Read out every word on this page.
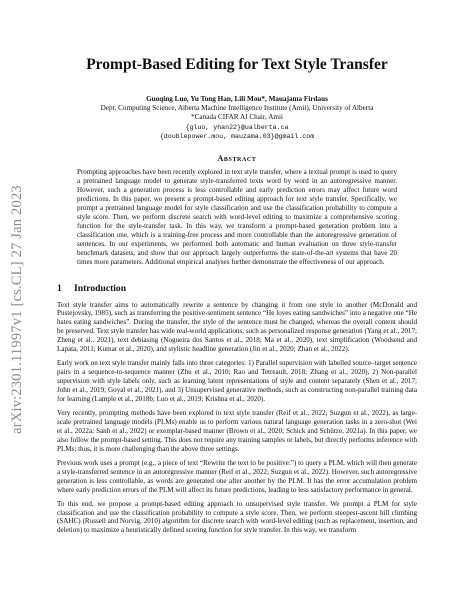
arXiv:2301.11997v1 [cs.CL] 27 Jan 2023
Prompt-Based Editing for Text Style Transfer
Guoqing Luo, Yu Tong Han, Lili Mou*, Mauajama Firdaus
Dept. Computing Science, Alberta Machine Intelligence Institute (Amii), University of Alberta
*Canada CIFAR AI Chair, Amii
{gluo, yhan22}@ualberta.ca
{doublepower.mou, mauzama.03}@gmail.com
Abstract
Prompting approaches have been recently explored in text style transfer, where a textual prompt is used to query a pretrained language model to generate style-transferred texts word by word in an autoregressive manner. However, such a generation process is less controllable and early prediction errors may affect future word predictions. In this paper, we present a prompt-based editing approach for text style transfer. Specifically, we prompt a pretrained language model for style classification and use the classification probability to compute a style score. Then, we perform discrete search with word-level editing to maximize a comprehensive scoring function for the style-transfer task. In this way, we transform a prompt-based generation problem into a classification one, which is a training-free process and more controllable than the autoregressive generation of sentences. In our experiments, we performed both automatic and human evaluation on three style-transfer benchmark datasets, and show that our approach largely outperforms the state-of-the-art systems that have 20 times more parameters. Additional empirical analyses further demonstrate the effectiveness of our approach.
1 Introduction

Text style transfer aims to automatically rewrite a sentence by changing it from one style to another (McDonald and Pustejovsky, 1985), such as transferring the positive-sentiment sentence “He loves eating sandwiches” into a negative one “He hates eating sandwiches”. During the transfer, the style of the sentence must be changed, whereas the overall content should be preserved. Text style transfer has wide real-world applications, such as personalized response generation (Yang et al., 2017; Zheng et al., 2021), text debiasing (Nogueira dos Santos et al., 2018; Ma et al., 2020), text simplification (Woodsend and Lapata, 2011; Kumar et al., 2020), and stylistic headline generation (Jin et al., 2020; Zhan et al., 2022).

Early work on text style transfer mainly falls into three categories: 1) Parallel supervision with labelled source–target sentence pairs in a sequence-to-sequence manner (Zhu et al., 2010; Rao and Tetreault, 2018; Zhang et al., 2020), 2) Non-parallel supervision with style labels only, such as learning latent representations of style and content separately (Shen et al., 2017; John et al., 2019; Goyal et al., 2021), and 3) Unsupervised generative methods, such as constructing non-parallel training data for learning (Lample et al., 2018b; Luo et al., 2019; Krishna et al., 2020).

Very recently, prompting methods have been explored in text style transfer (Reif et al., 2022; Suzgun et al., 2022), as large-scale pretrained language models (PLMs) enable us to perform various natural language generation tasks in a zero-shot (Wei et al., 2022a; Sanh et al., 2022) or exemplar-based manner (Brown et al., 2020; Schick and Schütze, 2021a). In this paper, we also follow the prompt-based setting. This does not require any training samples or labels, but directly performs inference with PLMs; thus, it is more challenging than the above three settings.

Previous work uses a prompt (e.g., a piece of text “Rewrite the text to be positive:”) to query a PLM, which will then generate a style-transferred sentence in an autoregressive manner (Reif et al., 2022; Suzgun et al., 2022). However, such autoregressive generation is less controllable, as words are generated one after another by the PLM. It has the error accumulation problem where early prediction errors of the PLM will affect its future predictions, leading to less satisfactory performance in general.

To this end, we propose a prompt-based editing approach to unsupervised style transfer. We prompt a PLM for style classification and use the classification probability to compute a style score. Then, we perform steepest-ascent hill climbing (SAHC) (Russell and Norvig, 2010) algorithm for discrete search with word-level editing (such as replacement, insertion, and deletion) to maximize a heuristically defined scoring function for style transfer. In this way, we transform
